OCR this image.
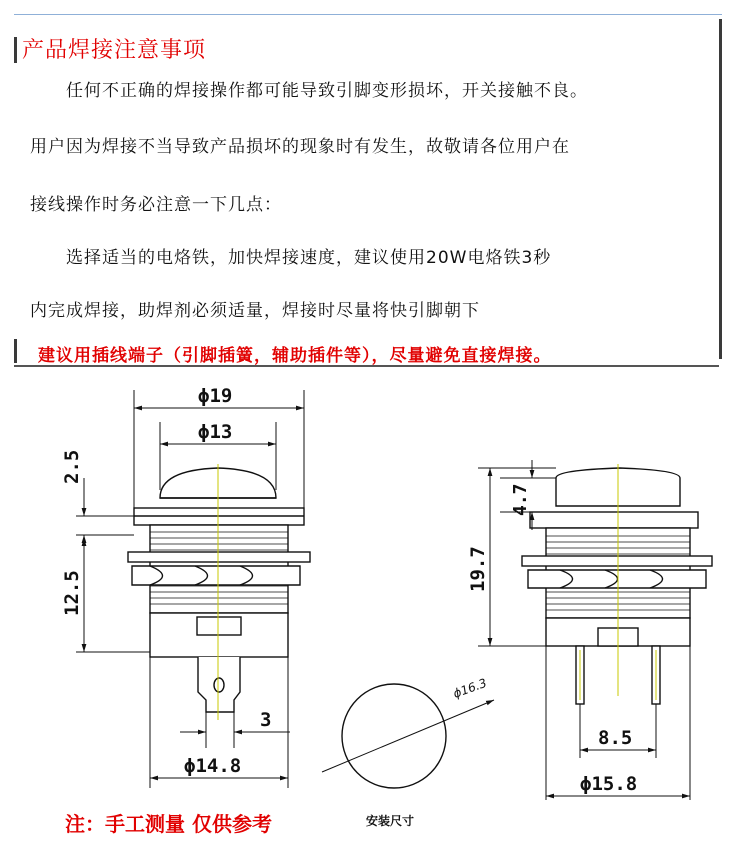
产品焊接注意事项
任何不正确的焊接操作都可能导致引脚变形损坏，开关接触不良。
用户因为焊接不当导致产品损坏的现象时有发生，故敬请各位用户在
接线操作时务必注意一下几点：
选择适当的电烙铁，加快焊接速度，建议使用20W电烙铁3秒
内完成焊接，助焊剂必须适量，焊接时尽量将快引脚朝下
建议用插线端子（引脚插簧，辅助插件等），尽量避免直接焊接。
ϕ19
ϕ13
2.5
12.5
3
ϕ14.8
ϕ16.3
4.7
19.7
8.5
ϕ15.8
注：手工测量 仅供参考	安装尺寸
